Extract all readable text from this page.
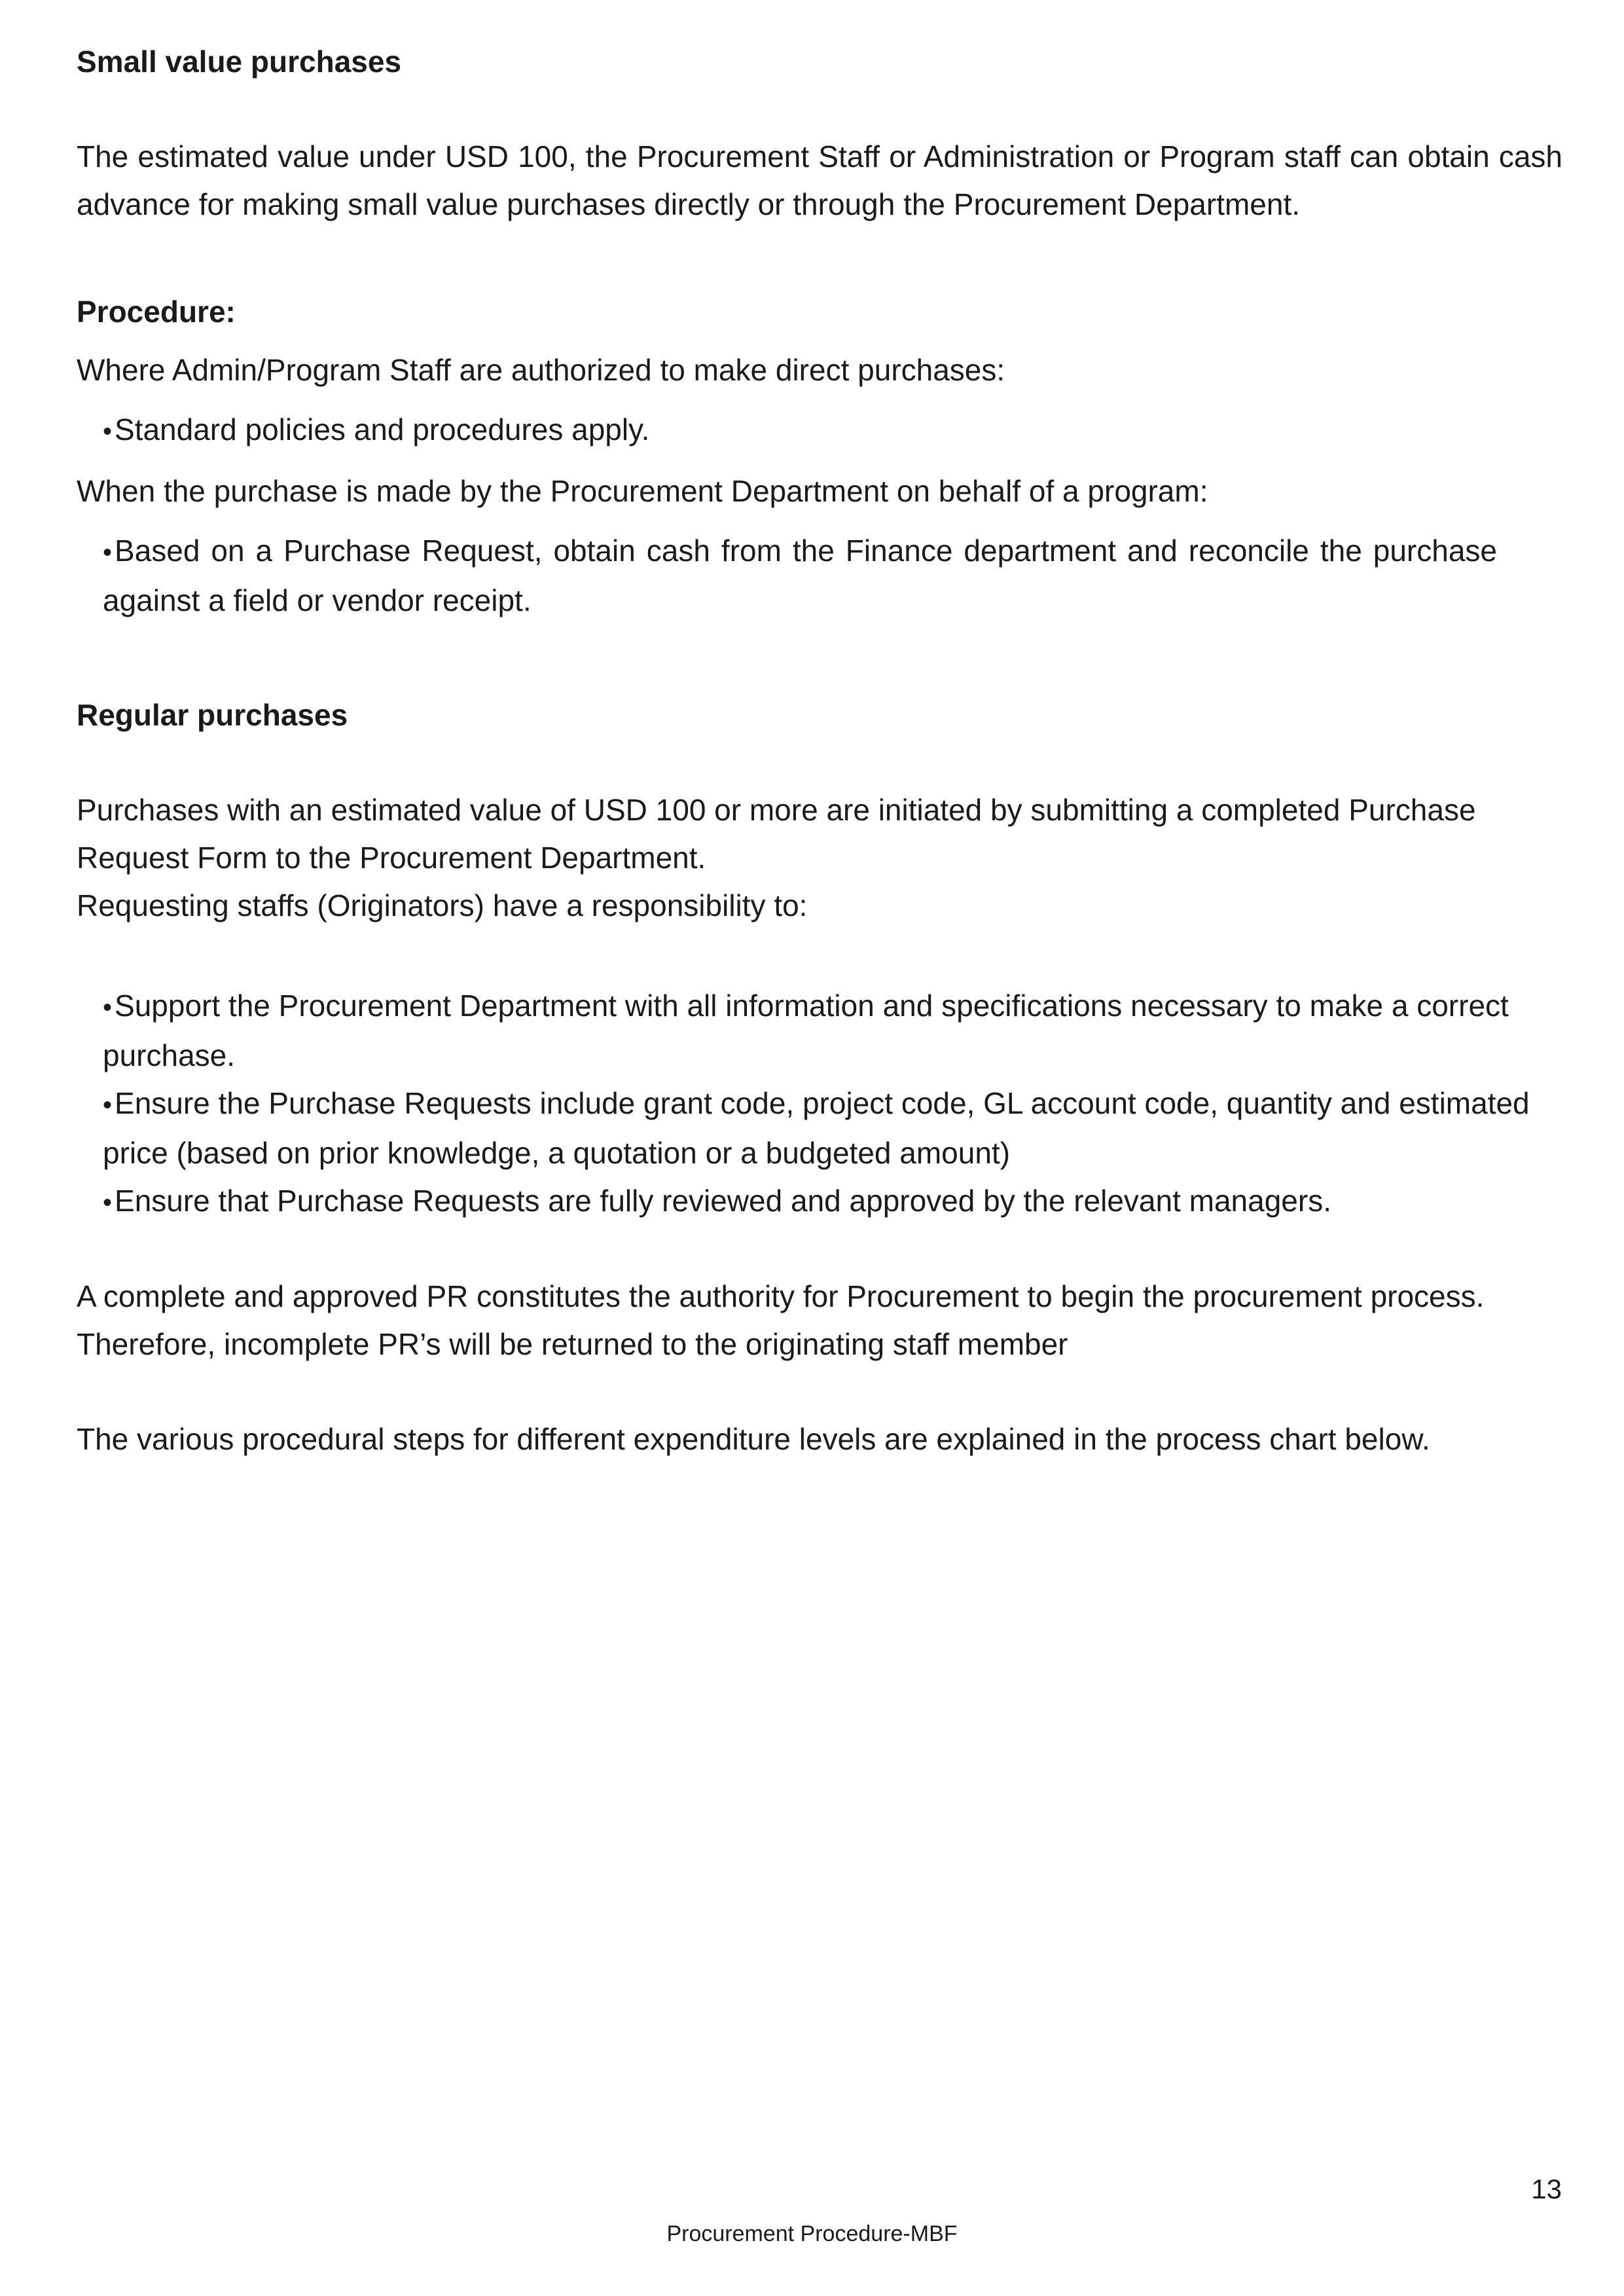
Small value purchases

The estimated value under USD 100, the Procurement Staff or Administration or Program staff can obtain cash advance for making small value purchases directly or through the Procurement Department.

Procedure:

Where Admin/Program Staff are authorized to make direct purchases:

•Standard policies and procedures apply.

When the purchase is made by the Procurement Department on behalf of a program:

•Based on a Purchase Request, obtain cash from the Finance department and reconcile the purchase against a field or vendor receipt.
Regular purchases

Purchases with an estimated value of USD 100 or more are initiated by submitting a completed Purchase Request Form to the Procurement Department.

Requesting staffs (Originators) have a responsibility to:

•Support the Procurement Department with all information and specifications necessary to make a correct purchase.
•Ensure the Purchase Requests include grant code, project code, GL account code, quantity and estimated price (based on prior knowledge, a quotation or a budgeted amount)
•Ensure that Purchase Requests are fully reviewed and approved by the relevant managers.

A complete and approved PR constitutes the authority for Procurement to begin the procurement process. Therefore, incomplete PR’s will be returned to the originating staff member

The various procedural steps for different expenditure levels are explained in the process chart below.

13
Procurement Procedure-MBF
